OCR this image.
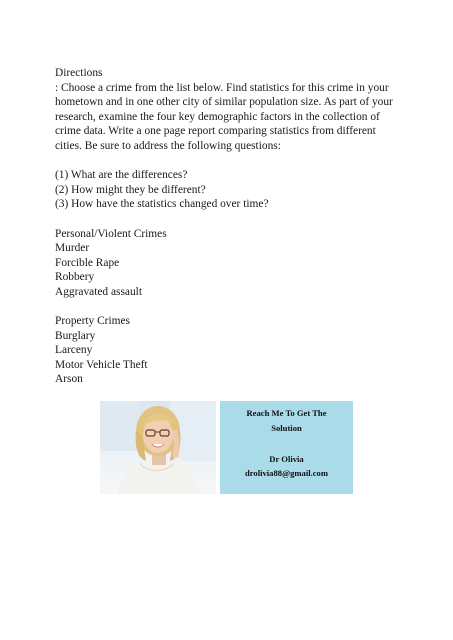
Directions

: Choose a crime from the list below. Find statistics for this crime in your hometown and in one other city of similar population size. As part of your research, examine the four key demographic factors in the collection of crime data. Write a one page report comparing statistics from different cities. Be sure to address the following questions:

(1) What are the differences?

(2) How might they be different?

(3) How have the statistics changed over time?

Personal/Violent Crimes

Murder

Forcible Rape

Robbery

Aggravated assault

Property Crimes

Burglary

Larceny

Motor Vehicle Theft

Arson

Reach Me To Get The
Solution
Dr Olivia
drolivia88@gmail.com
